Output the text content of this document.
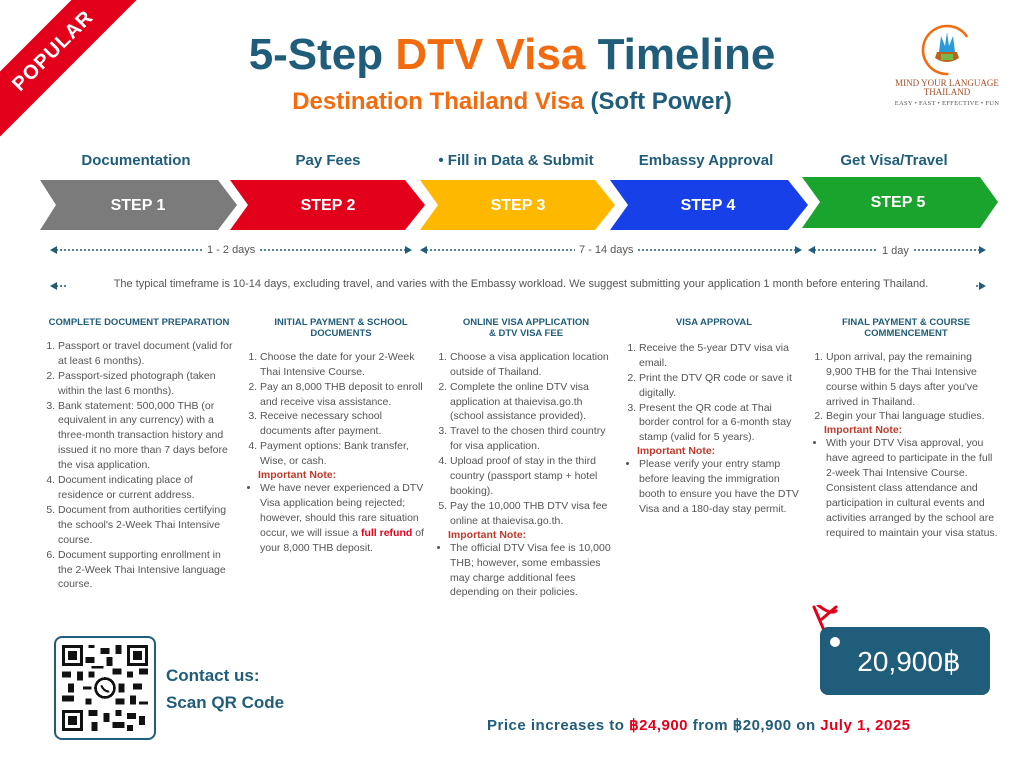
POPULAR	5-Step DTV Visa Timeline
Destination Thailand Visa (Soft Power)
MIND YOUR LANGUAGE
THAILAND
EASY • FAST • EFFECTIVE • FUN
Documentation	Pay Fees	• Fill in Data & Submit	Embassy Approval	Get Visa/Travel
STEP 1	STEP 2	STEP 3	STEP 4	STEP 5
1 - 2 days	7 - 14 days	1 day
The typical timeframe is 10-14 days, excluding travel, and varies with the Embassy workload. We suggest submitting your application 1 month before entering Thailand.
COMPLETE DOCUMENT PREPARATION
1. Passport or travel document (valid for at least 6 months).
2. Passport-sized photograph (taken within the last 6 months).
3. Bank statement: 500,000 THB (or equivalent in any currency) with a three-month transaction history and issued it no more than 7 days before the visa application.
4. Document indicating place of residence or current address.
5. Document from authorities certifying the school's 2-Week Thai Intensive course.
6. Document supporting enrollment in the 2-Week Thai Intensive language course.
INITIAL PAYMENT & SCHOOL
DOCUMENTS
1. Choose the date for your 2-Week Thai Intensive Course.
2. Pay an 8,000 THB deposit to enroll and receive visa assistance.
3. Receive necessary school documents after payment.
4. Payment options: Bank transfer, Wise, or cash.
Important Note:
• We have never experienced a DTV Visa application being rejected; however, should this rare situation occur, we will issue a full refund of your 8,000 THB deposit.
ONLINE VISA APPLICATION
& DTV VISA FEE
1. Choose a visa application location outside of Thailand.
2. Complete the online DTV visa application at thaievisa.go.th (school assistance provided).
3. Travel to the chosen third country for visa application.
4. Upload proof of stay in the third country (passport stamp + hotel booking).
5. Pay the 10,000 THB DTV visa fee online at thaievisa.go.th.
Important Note:
• The official DTV Visa fee is 10,000 THB; however, some embassies may charge additional fees depending on their policies.
VISA APPROVAL
1. Receive the 5-year DTV visa via email.
2. Print the DTV QR code or save it digitally.
3. Present the QR code at Thai border control for a 6-month stay stamp (valid for 5 years).
Important Note:
• Please verify your entry stamp before leaving the immigration booth to ensure you have the DTV Visa and a 180-day stay permit.
FINAL PAYMENT & COURSE
COMMENCEMENT
1. Upon arrival, pay the remaining 9,900 THB for the Thai Intensive course within 5 days after you've arrived in Thailand.
2. Begin your Thai language studies.
Important Note:
• With your DTV Visa approval, you have agreed to participate in the full 2-week Thai Intensive Course. Consistent class attendance and participation in cultural events and activities arranged by the school are required to maintain your visa status.
Contact us:
Scan QR Code
20,900฿
Price increases to ฿24,900 from ฿20,900 on July 1, 2025
